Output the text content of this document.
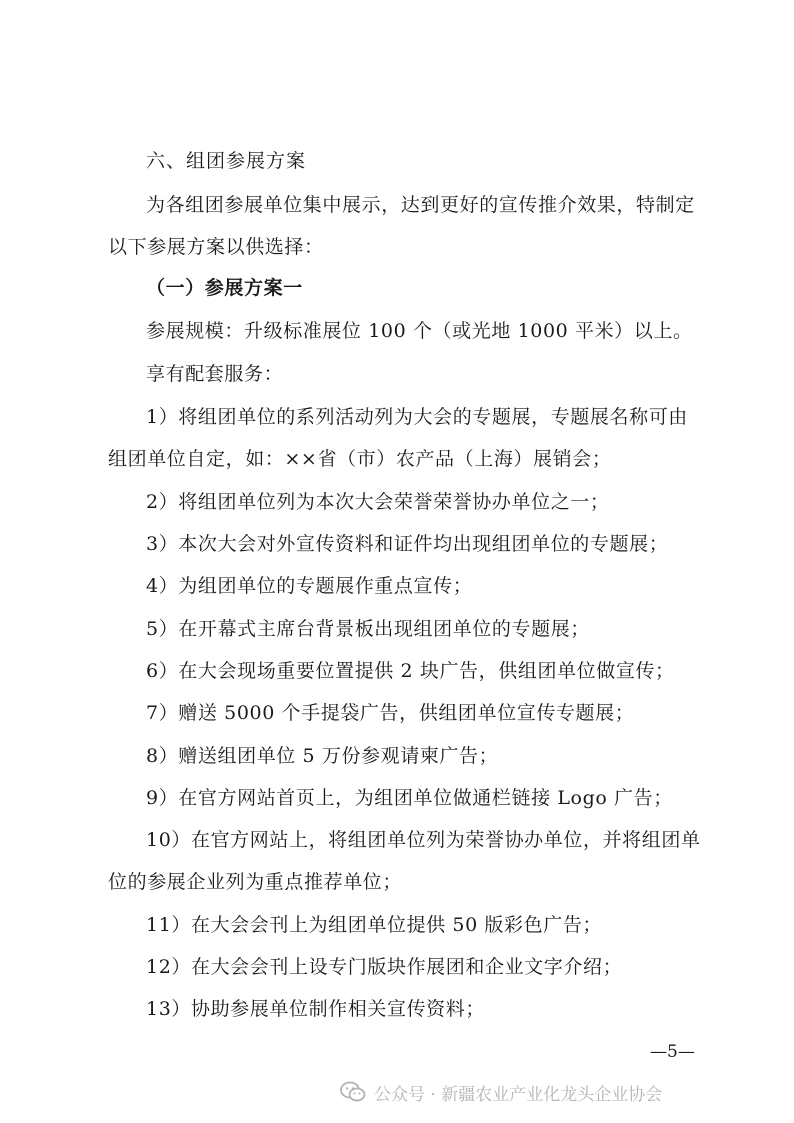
六、组团参展方案
为各组团参展单位集中展示，达到更好的宣传推介效果，特制定
以下参展方案以供选择：
（一）参展方案一
参展规模：升级标准展位 100 个（或光地 1000 平米）以上。
享有配套服务：
1）将组团单位的系列活动列为大会的专题展，专题展名称可由
组团单位自定，如：××省（市）农产品（上海）展销会；
2）将组团单位列为本次大会荣誉荣誉协办单位之一；
3）本次大会对外宣传资料和证件均出现组团单位的专题展；
4）为组团单位的专题展作重点宣传；
5）在开幕式主席台背景板出现组团单位的专题展；
6）在大会现场重要位置提供 2 块广告，供组团单位做宣传；
7）赠送 5000 个手提袋广告，供组团单位宣传专题展；
8）赠送组团单位 5 万份参观请柬广告；
9）在官方网站首页上，为组团单位做通栏链接 Logo 广告；
10）在官方网站上，将组团单位列为荣誉协办单位，并将组团单
位的参展企业列为重点推荐单位；
11）在大会会刊上为组团单位提供 50 版彩色广告；
12）在大会会刊上设专门版块作展团和企业文字介绍；
13）协助参展单位制作相关宣传资料；
—5—
公众号 · 新疆农业产业化龙头企业协会
